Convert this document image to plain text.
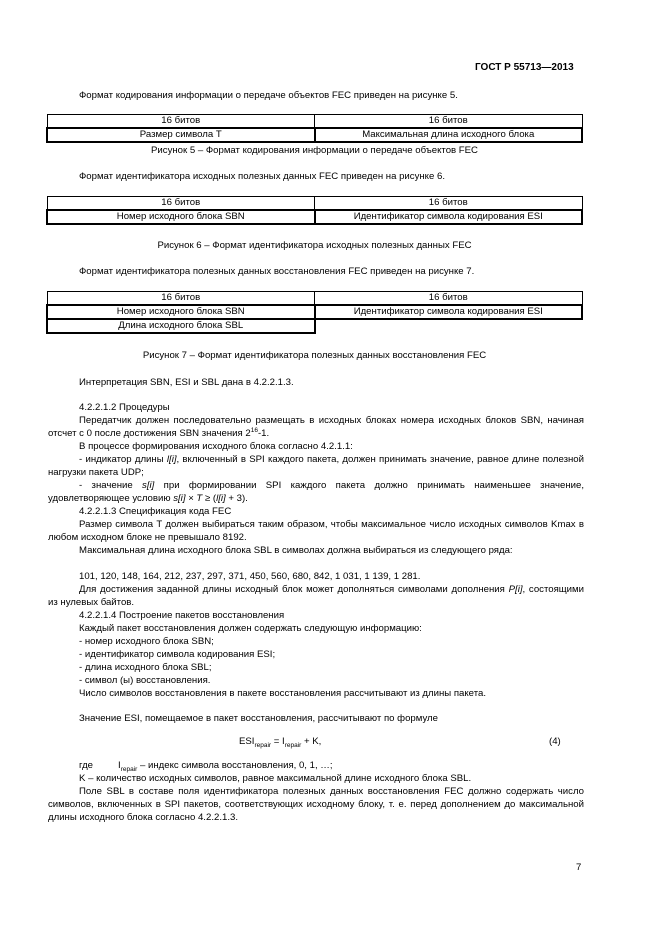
ГОСТ Р 55713—2013
Формат кодирования информации о передаче объектов FEC приведен на рисунке 5.
16 битов	16 битов
Размер символа T	Максимальная длина исходного блока
Рисунок 5 – Формат кодирования информации о передаче объектов FEC
Формат идентификатора исходных полезных данных FEC приведен на рисунке 6.
16 битов	16 битов
Номер исходного блока SBN	Идентификатор символа кодирования ESI
Рисунок 6 – Формат идентификатора исходных полезных данных FEC
Формат идентификатора полезных данных восстановления FEC приведен на рисунке 7.
16 битов	16 битов
Номер исходного блока SBN	Идентификатор символа кодирования ESI
Длина исходного блока SBL	
Рисунок 7 – Формат идентификатора полезных данных восстановления FEC
Интерпретация SBN, ESI и SBL дана в 4.2.2.1.3.
4.2.2.1.2 Процедуры
Передатчик должен последовательно размещать в исходных блоках номера исходных блоков SBN, начиная отсчет с 0 после достижения SBN значения $2^{16}-1$.
В процессе формирования исходного блока согласно 4.2.1.1:
- индикатор длины l[i], включенный в SPI каждого пакета, должен принимать значение, равное длине полезной нагрузки пакета UDP;
- значение s[i] при формировании SPI каждого пакета должно принимать наименьшее значение, удовлетворяющее условию s[i] × T ≥ (l[i] + 3).
4.2.2.1.3 Спецификация кода FEC
Размер символа T должен выбираться таким образом, чтобы максимальное число исходных символов Kmax в любом исходном блоке не превышало 8192.
Максимальная длина исходного блока SBL в символах должна выбираться из следующего ряда:
101, 120, 148, 164, 212, 237, 297, 371, 450, 560, 680, 842, 1 031, 1 139, 1 281.
Для достижения заданной длины исходный блок может дополняться символами дополнения P[i], состоящими из нулевых байтов.
4.2.2.1.4 Построение пакетов восстановления
Каждый пакет восстановления должен содержать следующую информацию:
- номер исходного блока SBN;
- идентификатор символа кодирования ESI;
- длина исходного блока SBL;
- символ (ы) восстановления.
Число символов восстановления в пакете восстановления рассчитывают из длины пакета.
Значение ESI, помещаемое в пакет восстановления, рассчитывают по формуле
$ESI_{repair} = I_{repair} + K$,	(4)
где	$I_{repair}$ – индекс символа восстановления, 0, 1, …;
K – количество исходных символов, равное максимальной длине исходного блока SBL.
Поле SBL в составе поля идентификатора полезных данных восстановления FEC должно содержать число символов, включенных в SPI пакетов, соответствующих исходному блоку, т. е. перед дополнением до максимальной длины исходного блока согласно 4.2.2.1.3.
7
